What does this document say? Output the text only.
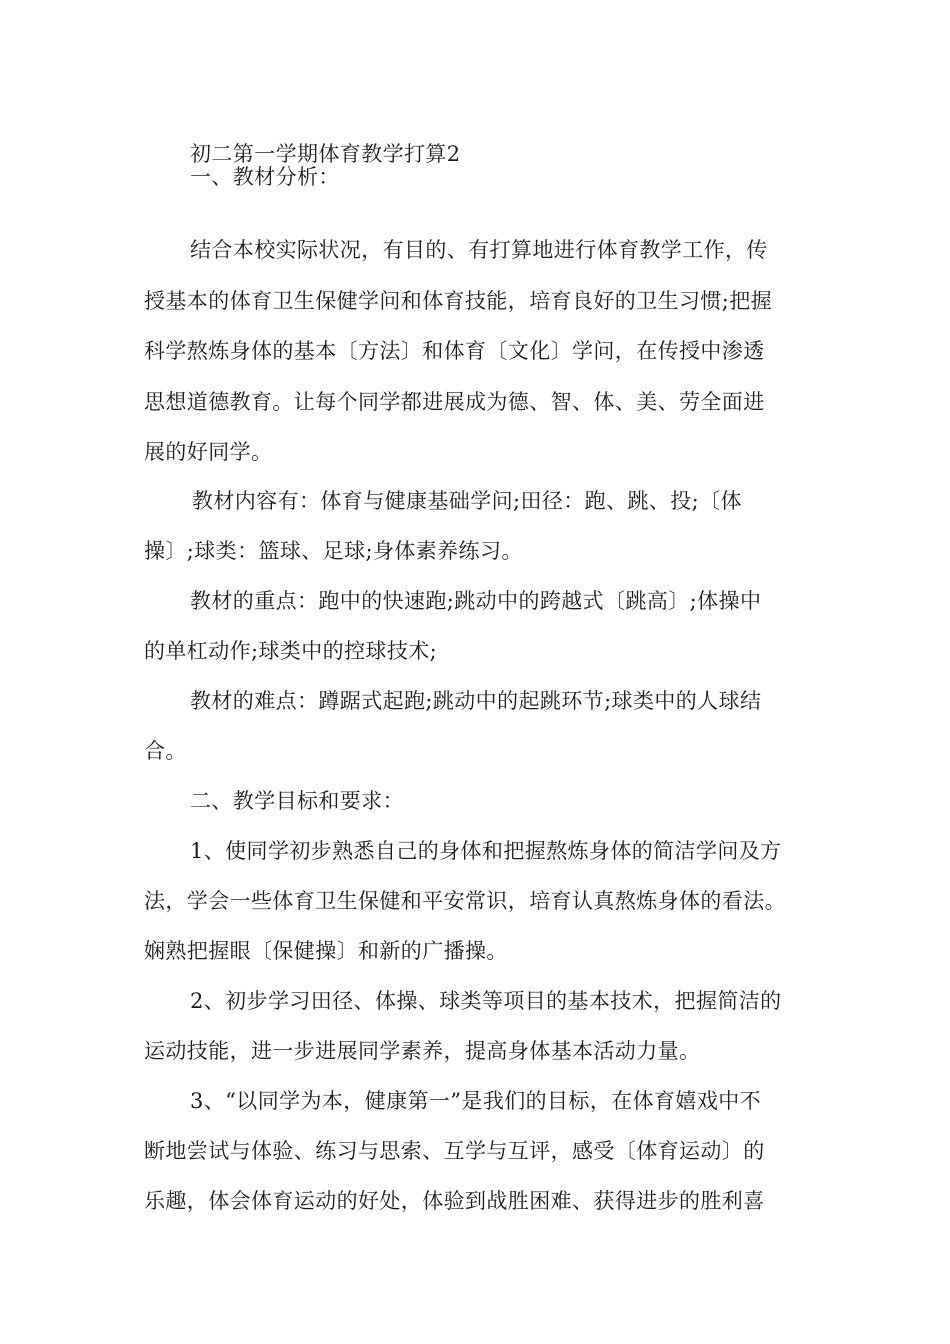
初二第一学期体育教学打算2
一、教材分析：
结合本校实际状况，有目的、有打算地进行体育教学工作，传
授基本的体育卫生保健学问和体育技能，培育良好的卫生习惯;把握
科学熬炼身体的基本〔方法〕和体育〔文化〕学问，在传授中渗透
思想道德教育。让每个同学都进展成为德、智、体、美、劳全面进
展的好同学。
教材内容有：体育与健康基础学问;田径：跑、跳、投;〔体
操〕;球类：篮球、足球;身体素养练习。
教材的重点：跑中的快速跑;跳动中的跨越式〔跳高〕;体操中
的单杠动作;球类中的控球技术;
教材的难点：蹲踞式起跑;跳动中的起跳环节;球类中的人球结
合。
二、教学目标和要求：
1、使同学初步熟悉自己的身体和把握熬炼身体的简洁学问及方
法，学会一些体育卫生保健和平安常识，培育认真熬炼身体的看法。
娴熟把握眼〔保健操〕和新的广播操。
2、初步学习田径、体操、球类等项目的基本技术，把握简洁的
运动技能，进一步进展同学素养，提高身体基本活动力量。
3、“以同学为本，健康第一”是我们的目标，在体育嬉戏中不
断地尝试与体验、练习与思索、互学与互评，感受〔体育运动〕的
乐趣，体会体育运动的好处，体验到战胜困难、获得进步的胜利喜
